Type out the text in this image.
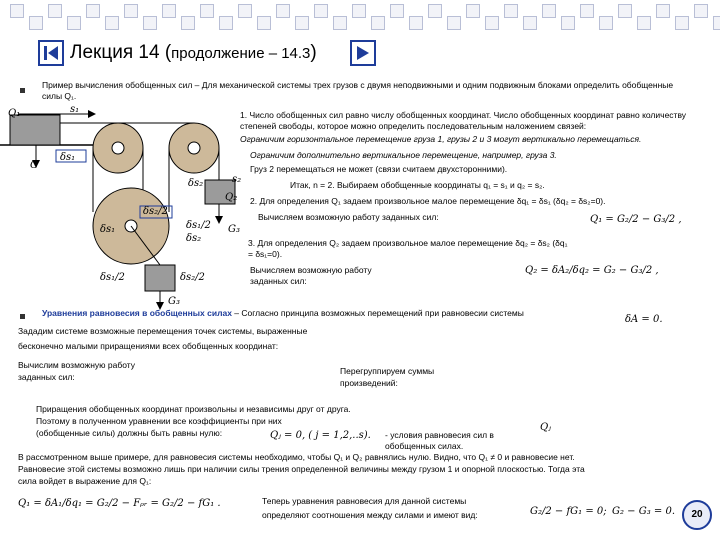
Лекция 14 (продолжение – 14.3)
Пример вычисления обобщенных сил – Для механической системы трех грузов с двумя неподвижными и одним подвижным блоками определить обобщенные силы Q₁.
Q₁	s₁
G
δs₁
δs₂	s₂
Q₂
δs₂/2
δs₁	δs₁/2
δs₂
G₃
δs₁/2	δs₂/2
G₃
1. Число обобщенных сил равно числу обобщенных координат. Число обобщенных координат равно количеству степеней свободы, которое можно определить последовательным наложением связей:
Ограничим горизонтальное перемещение груза 1, грузы 2 и 3 могут вертикально перемещаться.
Ограничим дополнительно вертикальное перемещение, например, груза 3.
Груз 2 перемещаться не может (связи считаем двухсторонними).
Итак, n = 2. Выбираем обобщенные координаты q₁ = s₁ и q₂ = s₂.
2. Для определения Q₁ задаем произвольное малое перемещение δq₁ = δs₁ (δq₂ = δs₂=0).
Вычисляем возможную работу заданных сил:	Q₁ = G₂/2 − G₃/2 ,
3. Для определения Q₂ задаем произвольное малое перемещение δq₂ = δs₂ (δq₁ = δs₁=0).
Вычисляем возможную работу заданных сил:
Q₂ = δA₂/δq₂ = G₂ − G₃/2 ,
Уравнения равновесия в обобщенных силах – Согласно принципа возможных перемещений при равновесии системы
δA = 0.
Зададим системе возможные перемещения точек системы, выраженные
бесконечно малыми приращениями всех обобщенных координат:
Вычислим возможную работу
заданных сил:
Перегруппируем суммы
произведений:
Приращения обобщенных координат произвольны и независимы друг от друга.
Поэтому в полученном уравнении все коэффициенты при них
(обобщенные силы) должны быть равны нулю:	Qⱼ
Qⱼ = 0, ( j = 1,2,..s). - условия равновесия сил в обобщенных силах.
В рассмотренном выше примере, для равновесия системы необходимо, чтобы Q₁ и Q₂ равнялись нулю. Видно, что Q₁ ≠ 0 и равновесие нет.
Равновесие этой системы возможно лишь при наличии силы трения определенной величины между грузом 1 и опорной плоскостью. Тогда эта
сила войдет в выражение для Q₁:
Q₁ = δA₁/δq₁ = G₂/2 − Fᵨᵣ = G₂/2 − fG₁ .	Теперь уравнения равновесия для данной системы
определяют соотношения между силами и имеют вид:	G₂/2 − fG₁ = 0; G₂ − G₃ = 0.	20
